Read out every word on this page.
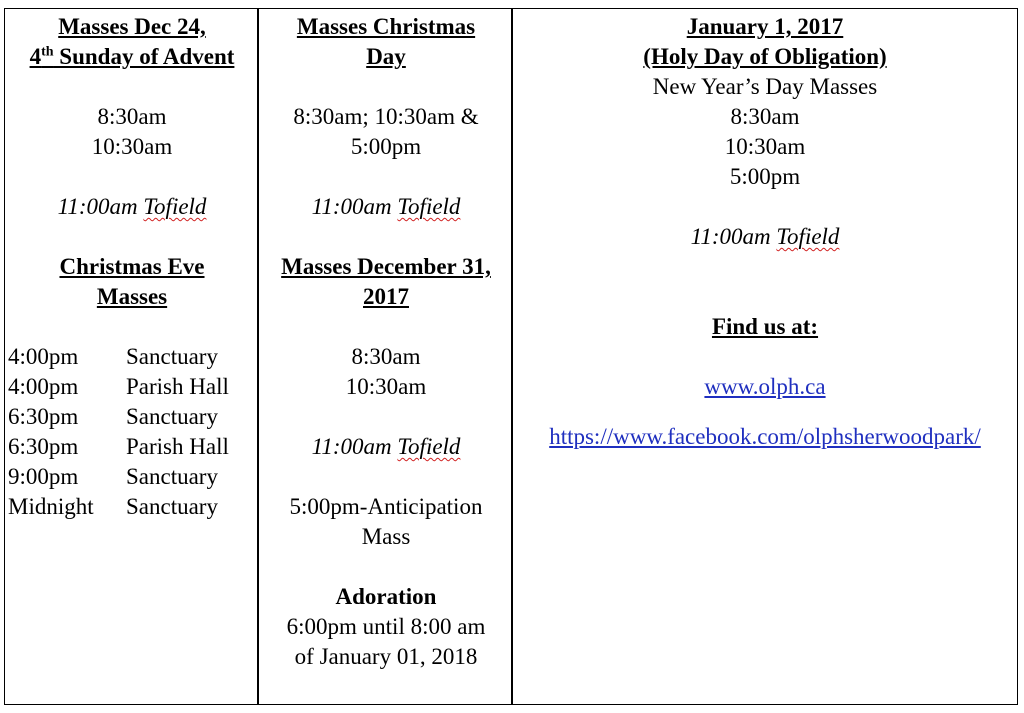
Masses Dec 24,
4th Sunday of Advent
8:30am
10:30am
11:00am Tofield
Christmas Eve
Masses
4:00pm	Sanctuary
4:00pm	Parish Hall
6:30pm	Sanctuary
6:30pm	Parish Hall
9:00pm	Sanctuary
Midnight	Sanctuary
Masses Christmas
Day
8:30am; 10:30am &
5:00pm
11:00am Tofield
Masses December 31,
2017
8:30am
10:30am
11:00am Tofield
5:00pm-Anticipation
Mass
Adoration
6:00pm until 8:00 am
of January 01, 2018
January 1, 2017
(Holy Day of Obligation)
New Year’s Day Masses
8:30am
10:30am
5:00pm
11:00am Tofield
Find us at:
www.olph.ca
https://www.facebook.com/olphsherwoodpark/
